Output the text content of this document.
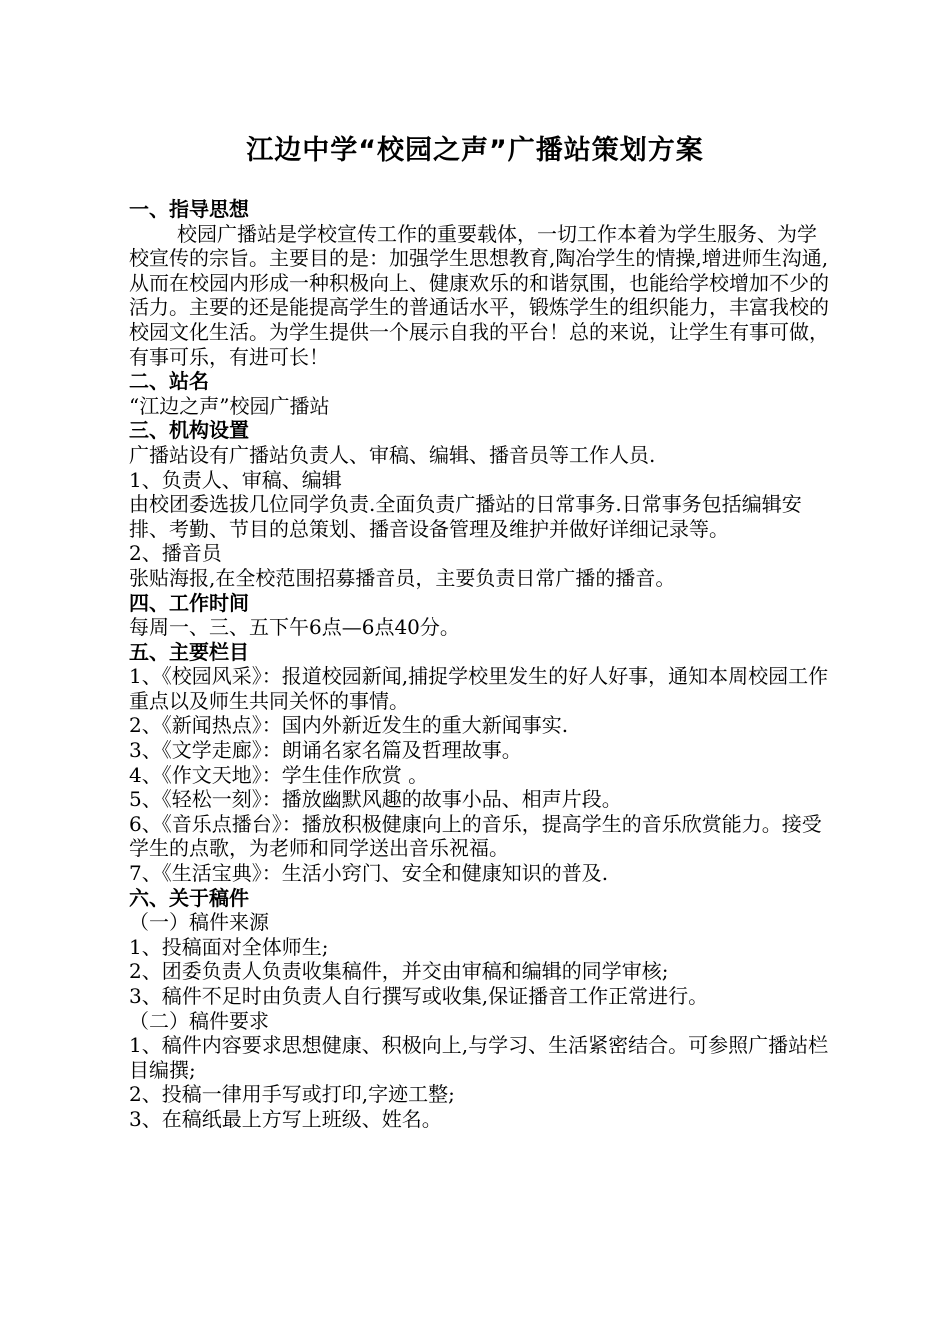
江边中学“校园之声”广播站策划方案

一、指导思想

校园广播站是学校宣传工作的重要载体，一切工作本着为学生服务、为学校宣传的宗旨。主要目的是：加强学生思想教育,陶冶学生的情操,增进师生沟通,从而在校园内形成一种积极向上、健康欢乐的和谐氛围，也能给学校增加不少的活力。主要的还是能提高学生的普通话水平，锻炼学生的组织能力，丰富我校的校园文化生活。为学生提供一个展示自我的平台！总的来说，让学生有事可做，有事可乐，有进可长！

二、站名

“江边之声”校园广播站

三、机构设置

广播站设有广播站负责人、审稿、编辑、播音员等工作人员.

1、负责人、审稿、编辑

由校团委选拔几位同学负责.全面负责广播站的日常事务.日常事务包括编辑安排、考勤、节目的总策划、播音设备管理及维护并做好详细记录等。

2、播音员

张贴海报,在全校范围招募播音员，主要负责日常广播的播音。

四、工作时间

每周一、三、五下午6点—6点40分。

五、主要栏目

1、《校园风采》：报道校园新闻,捕捉学校里发生的好人好事，通知本周校园工作重点以及师生共同关怀的事情。

2、《新闻热点》：国内外新近发生的重大新闻事实.

3、《文学走廊》：朗诵名家名篇及哲理故事。

4、《作文天地》：学生佳作欣赏 。

5、《轻松一刻》：播放幽默风趣的故事小品、相声片段。

6、《音乐点播台》：播放积极健康向上的音乐，提高学生的音乐欣赏能力。接受学生的点歌，为老师和同学送出音乐祝福。

7、《生活宝典》：生活小窍门、安全和健康知识的普及.

六、关于稿件

（一）稿件来源

1、投稿面对全体师生;

2、团委负责人负责收集稿件，并交由审稿和编辑的同学审核;

3、稿件不足时由负责人自行撰写或收集,保证播音工作正常进行。

（二）稿件要求

1、稿件内容要求思想健康、积极向上,与学习、生活紧密结合。可参照广播站栏目编撰;

2、投稿一律用手写或打印,字迹工整;

3、在稿纸最上方写上班级、姓名。
